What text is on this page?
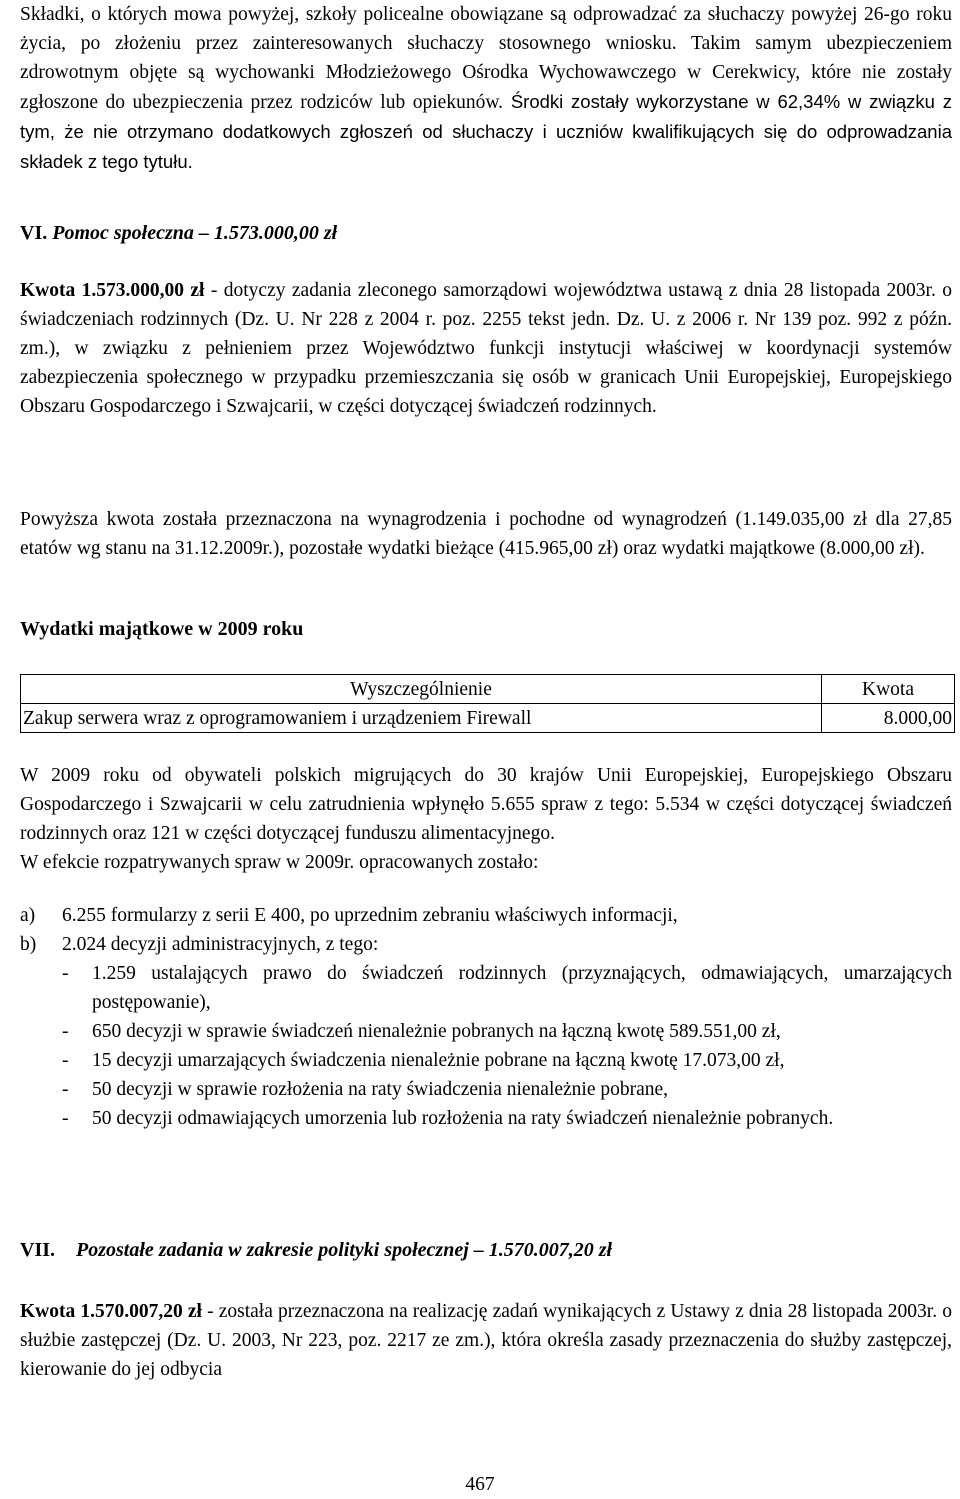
Składki, o których mowa powyżej, szkoły policealne obowiązane są odprowadzać za słuchaczy powyżej 26-go roku życia, po złożeniu przez zainteresowanych słuchaczy stosownego wniosku. Takim samym ubezpieczeniem zdrowotnym objęte są wychowanki Młodzieżowego Ośrodka Wychowawczego w Cerekwicy, które nie zostały zgłoszone do ubezpieczenia przez rodziców lub opiekunów. Środki zostały wykorzystane w 62,34% w związku z tym, że nie otrzymano dodatkowych zgłoszeń od słuchaczy i uczniów kwalifikujących się do odprowadzania składek z tego tytułu.

VI. Pomoc społeczna – 1.573.000,00 zł

Kwota 1.573.000,00 zł - dotyczy zadania zleconego samorządowi województwa ustawą z dnia 28 listopada 2003r. o świadczeniach rodzinnych (Dz. U. Nr 228 z 2004 r. poz. 2255 tekst jedn. Dz. U. z 2006 r. Nr 139 poz. 992 z późn. zm.), w związku z pełnieniem przez Województwo funkcji instytucji właściwej w koordynacji systemów zabezpieczenia społecznego w przypadku przemieszczania się osób w granicach Unii Europejskiej, Europejskiego Obszaru Gospodarczego i Szwajcarii, w części dotyczącej świadczeń rodzinnych.

Powyższa kwota została przeznaczona na wynagrodzenia i pochodne od wynagrodzeń (1.149.035,00 zł dla 27,85 etatów wg stanu na 31.12.2009r.), pozostałe wydatki bieżące (415.965,00 zł) oraz wydatki majątkowe (8.000,00 zł).

Wydatki majątkowe w 2009 roku
Wyszczególnienie	Kwota
Zakup serwera wraz z oprogramowaniem i urządzeniem Firewall	8.000,00
W 2009 roku od obywateli polskich migrujących do 30 krajów Unii Europejskiej, Europejskiego Obszaru Gospodarczego i Szwajcarii w celu zatrudnienia wpłynęło 5.655 spraw z tego: 5.534 w części dotyczącej świadczeń rodzinnych oraz 121 w części dotyczącej funduszu alimentacyjnego.
W efekcie rozpatrywanych spraw w 2009r. opracowanych zostało:
a)	6.255 formularzy z serii E 400, po uprzednim zebraniu właściwych informacji,
b)	2.024 decyzji administracyjnych, z tego:
-	1.259 ustalających prawo do świadczeń rodzinnych (przyznających, odmawiających, umarzających postępowanie),
-	650 decyzji w sprawie świadczeń nienależnie pobranych na łączną kwotę 589.551,00 zł,
-	15 decyzji umarzających świadczenia nienależnie pobrane na łączną kwotę 17.073,00 zł,
-	50 decyzji w sprawie rozłożenia na raty świadczenia nienależnie pobrane,
-	50 decyzji odmawiających umorzenia lub rozłożenia na raty świadczeń nienależnie pobranych.
VII. Pozostałe zadania w zakresie polityki społecznej – 1.570.007,20 zł

Kwota 1.570.007,20 zł - została przeznaczona na realizację zadań wynikających z Ustawy z dnia 28 listopada 2003r. o służbie zastępczej (Dz. U. 2003, Nr 223, poz. 2217 ze zm.), która określa zasady przeznaczenia do służby zastępczej, kierowanie do jej odbycia

467
